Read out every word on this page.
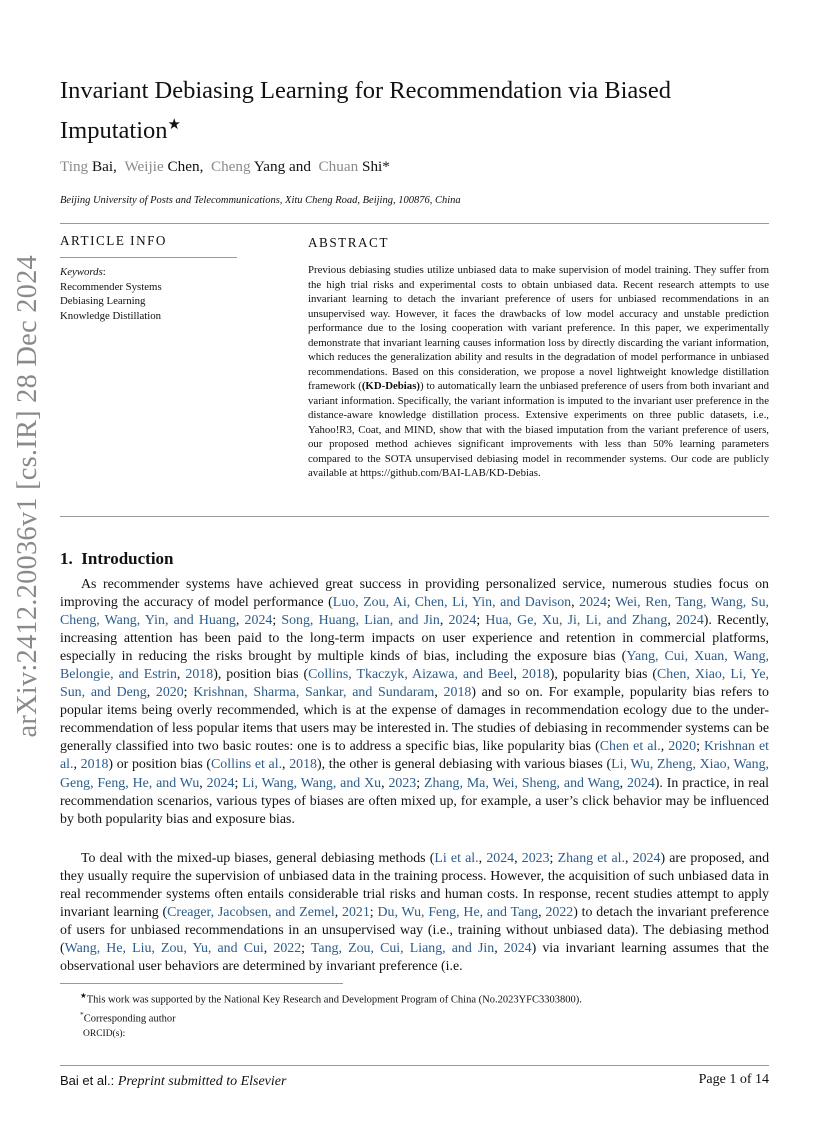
arXiv:2412.20036v1 [cs.IR] 28 Dec 2024
Invariant Debiasing Learning for Recommendation via Biased Imputation★
Ting Bai,  Weijie Chen,  Cheng Yang and  Chuan Shi*
Beijing University of Posts and Telecommunications, Xitu Cheng Road, Beijing, 100876, China
ARTICLE INFO
Keywords:
Recommender Systems
Debiasing Learning
Knowledge Distillation
ABSTRACT

Previous debiasing studies utilize unbiased data to make supervision of model training. They suffer from the high trial risks and experimental costs to obtain unbiased data. Recent research attempts to use invariant learning to detach the invariant preference of users for unbiased recommendations in an unsupervised way. However, it faces the drawbacks of low model accuracy and unstable prediction performance due to the losing cooperation with variant preference. In this paper, we experimentally demonstrate that invariant learning causes information loss by directly discarding the variant information, which reduces the generalization ability and results in the degradation of model performance in unbiased recommendations. Based on this consideration, we propose a novel lightweight knowledge distillation framework ((KD-Debias)) to automatically learn the unbiased preference of users from both invariant and variant information. Specifically, the variant information is imputed to the invariant user preference in the distance-aware knowledge distillation process. Extensive experiments on three public datasets, i.e., Yahoo!R3, Coat, and MIND, show that with the biased imputation from the variant preference of users, our proposed method achieves significant improvements with less than 50% learning parameters compared to the SOTA unsupervised debiasing model in recommender systems. Our code are publicly available at https://github.com/BAI-LAB/KD-Debias.

1. Introduction

As recommender systems have achieved great success in providing personalized service, numerous studies focus on improving the accuracy of model performance (Luo, Zou, Ai, Chen, Li, Yin, and Davison, 2024; Wei, Ren, Tang, Wang, Su, Cheng, Wang, Yin, and Huang, 2024; Song, Huang, Lian, and Jin, 2024; Hua, Ge, Xu, Ji, Li, and Zhang, 2024). Recently, increasing attention has been paid to the long-term impacts on user experience and retention in commercial platforms, especially in reducing the risks brought by multiple kinds of bias, including the exposure bias (Yang, Cui, Xuan, Wang, Belongie, and Estrin, 2018), position bias (Collins, Tkaczyk, Aizawa, and Beel, 2018), popularity bias (Chen, Xiao, Li, Ye, Sun, and Deng, 2020; Krishnan, Sharma, Sankar, and Sundaram, 2018) and so on. For example, popularity bias refers to popular items being overly recommended, which is at the expense of damages in recommendation ecology due to the under-recommendation of less popular items that users may be interested in. The studies of debiasing in recommender systems can be generally classified into two basic routes: one is to address a specific bias, like popularity bias (Chen et al., 2020; Krishnan et al., 2018) or position bias (Collins et al., 2018), the other is general debiasing with various biases (Li, Wu, Zheng, Xiao, Wang, Geng, Feng, He, and Wu, 2024; Li, Wang, Wang, and Xu, 2023; Zhang, Ma, Wei, Sheng, and Wang, 2024). In practice, in real recommendation scenarios, various types of biases are often mixed up, for example, a user’s click behavior may be influenced by both popularity bias and exposure bias.

To deal with the mixed-up biases, general debiasing methods (Li et al., 2024, 2023; Zhang et al., 2024) are proposed, and they usually require the supervision of unbiased data in the training process. However, the acquisition of such unbiased data in real recommender systems often entails considerable trial risks and human costs. In response, recent studies attempt to apply invariant learning (Creager, Jacobsen, and Zemel, 2021; Du, Wu, Feng, He, and Tang, 2022) to detach the invariant preference of users for unbiased recommendations in an unsupervised way (i.e., training without unbiased data). The debiasing method (Wang, He, Liu, Zou, Yu, and Cui, 2022; Tang, Zou, Cui, Liang, and Jin, 2024) via invariant learning assumes that the observational user behaviors are determined by invariant preference (i.e.

★This work was supported by the National Key Research and Development Program of China (No.2023YFC3303800).
*Corresponding author
ORCID(s):
Bai et al.: Preprint submitted to Elsevier	Page 1 of 14
